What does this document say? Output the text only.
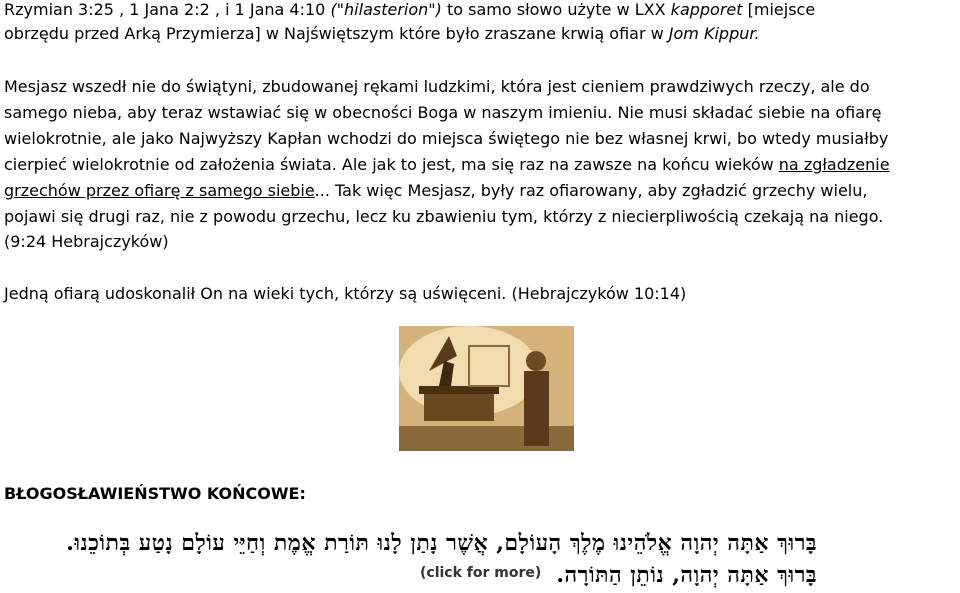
Rzymian 3:25 , 1 Jana 2:2 , i 1 Jana 4:10 ("hilasterion") to samo słowo użyte w LXX kapporet [miejsce
obrzędu przed Arką Przymierza] w Najświętszym które było zraszane krwią ofiar w Jom Kippur.
Mesjasz wszedł nie do świątyni, zbudowanej rękami ludzkimi, która jest cieniem prawdziwych rzeczy, ale do
samego nieba, aby teraz wstawiać się w obecności Boga w naszym imieniu. Nie musi składać siebie na ofiarę
wielokrotnie, ale jako Najwyższy Kapłan wchodzi do miejsca świętego nie bez własnej krwi, bo wtedy musiałby
cierpieć wielokrotnie od założenia świata. Ale jak to jest, ma się raz na zawsze na końcu wieków na zgładzenie
grzechów przez ofiarę z samego siebie... Tak więc Mesjasz, były raz ofiarowany, aby zgładzić grzechy wielu,
pojawi się drugi raz, nie z powodu grzechu, lecz ku zbawieniu tym, którzy z niecierpliwością czekają na niego.
(9:24 Hebrajczyków)
Jedną ofiarą udoskonalił On na wieki tych, którzy są uświęceni. (Hebrajczyków 10:14)
BŁOGOSŁAWIEŃSTWO KOŃCOWE:
בָּרוּךְ אַתָּה יְהוָה אֱלֹהֵינוּ מֶלֶךְ הָעוֹלָם, אֲשֶׁר נָתַן לָנוּ תּוֹרַת אֱמֶת וְחַיֵּי עוֹלָם נָטַע בְּתוֹכֵנוּ.
בָּרוּךְ אַתָּה יְהוָה, נוֹתֵן הַתּוֹרָה.
(click for more)
